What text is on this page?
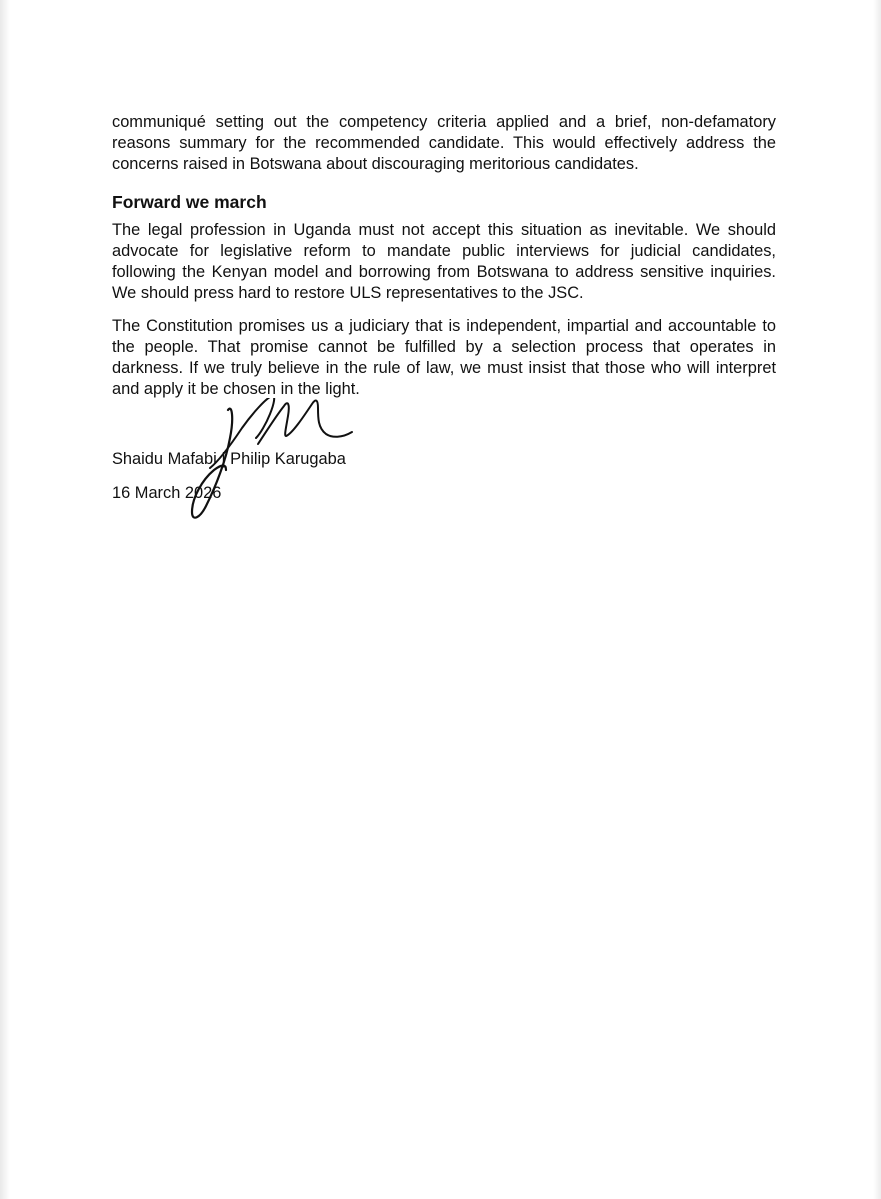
communiqué setting out the competency criteria applied and a brief, non-defamatory reasons summary for the recommended candidate. This would effectively address the concerns raised in Botswana about discouraging meritorious candidates.

Forward we march

The legal profession in Uganda must not accept this situation as inevitable. We should advocate for legislative reform to mandate public interviews for judicial candidates, following the Kenyan model and borrowing from Botswana to address sensitive inquiries. We should press hard to restore ULS representatives to the JSC.

The Constitution promises us a judiciary that is independent, impartial and accountable to the people. That promise cannot be fulfilled by a selection process that operates in darkness. If we truly believe in the rule of law, we must insist that those who will interpret and apply it be chosen in the light.

Shaidu Mafabi | Philip Karugaba
16 March 2026
